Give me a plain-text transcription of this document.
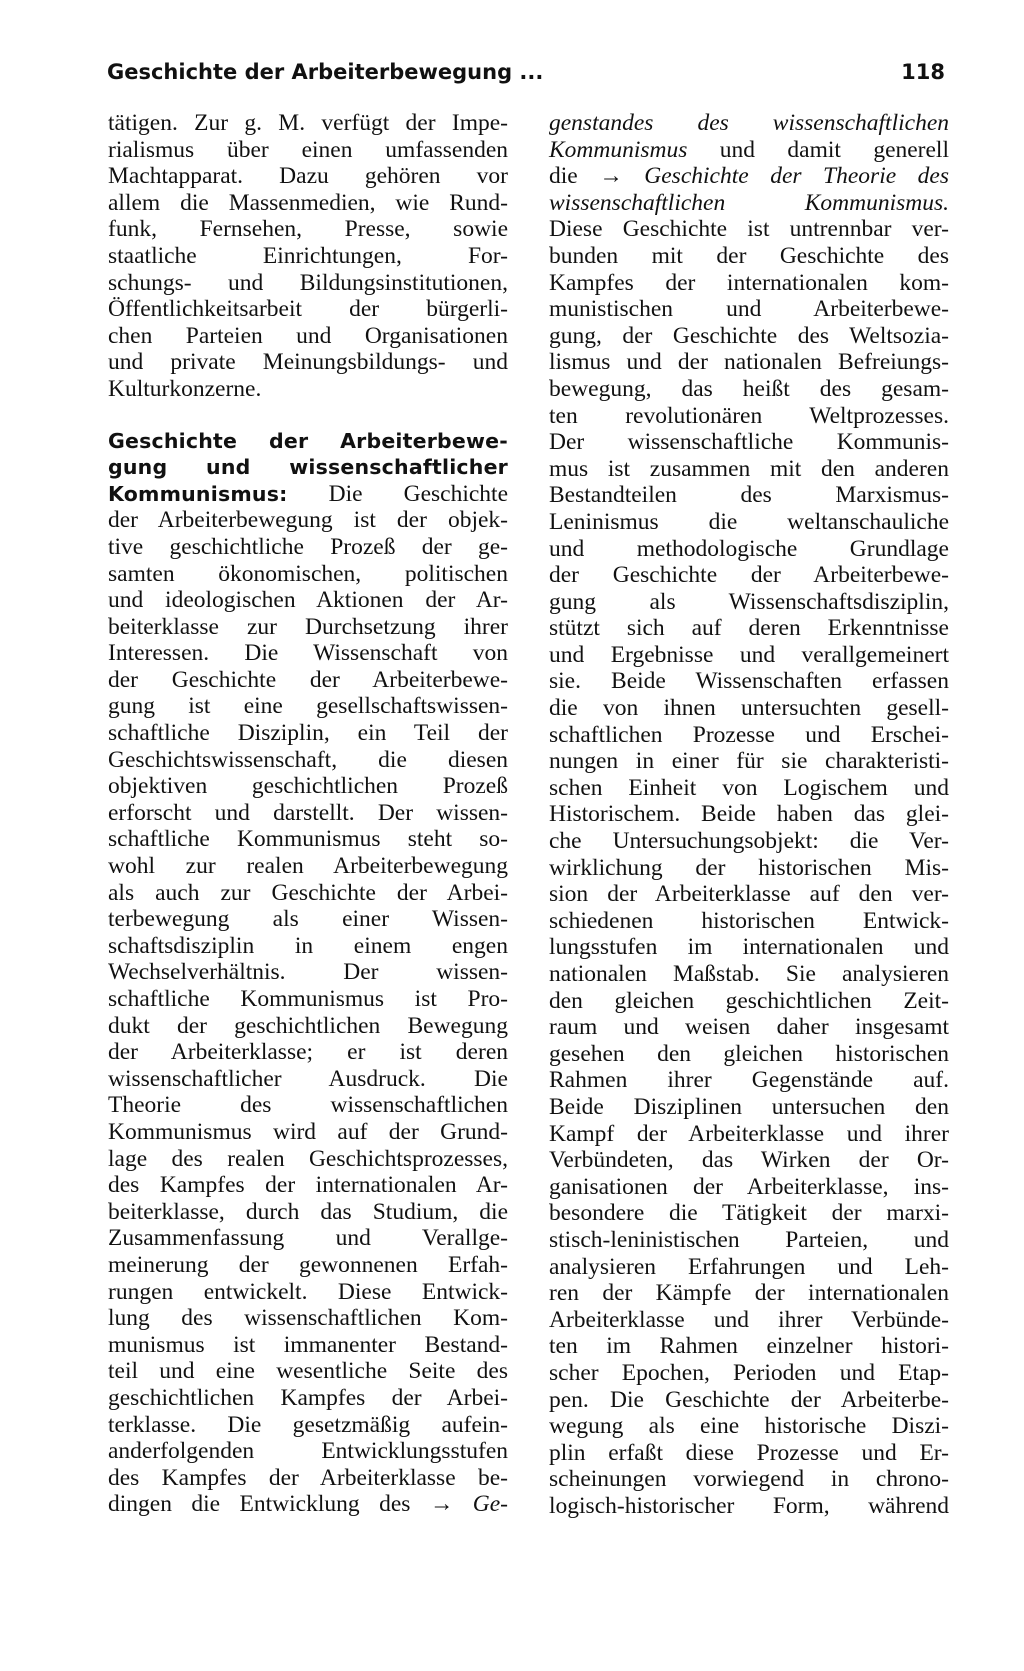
Geschichte der Arbeiterbewegung ...	118
tätigen. Zur g. M. verfügt der Impe-
rialismus über einen umfassenden
Machtapparat. Dazu gehören vor
allem die Massenmedien, wie Rund-
funk, Fernsehen, Presse, sowie
staatliche Einrichtungen, For-
schungs- und Bildungsinstitutionen,
Öffentlichkeitsarbeit der bürgerli-
chen Parteien und Organisationen
und private Meinungsbildungs- und
Kulturkonzerne.
Geschichte der Arbeiterbewe-
gung und wissenschaftlicher
Kommunismus: Die Geschichte
der Arbeiterbewegung ist der objek-
tive geschichtliche Prozeß der ge-
samten ökonomischen, politischen
und ideologischen Aktionen der Ar-
beiterklasse zur Durchsetzung ihrer
Interessen. Die Wissenschaft von
der Geschichte der Arbeiterbewe-
gung ist eine gesellschaftswissen-
schaftliche Disziplin, ein Teil der
Geschichtswissenschaft, die diesen
objektiven geschichtlichen Prozeß
erforscht und darstellt. Der wissen-
schaftliche Kommunismus steht so-
wohl zur realen Arbeiterbewegung
als auch zur Geschichte der Arbei-
terbewegung als einer Wissen-
schaftsdisziplin in einem engen
Wechselverhältnis. Der wissen-
schaftliche Kommunismus ist Pro-
dukt der geschichtlichen Bewegung
der Arbeiterklasse; er ist deren
wissenschaftlicher Ausdruck. Die
Theorie des wissenschaftlichen
Kommunismus wird auf der Grund-
lage des realen Geschichtsprozesses,
des Kampfes der internationalen Ar-
beiterklasse, durch das Studium, die
Zusammenfassung und Verallge-
meinerung der gewonnenen Erfah-
rungen entwickelt. Diese Entwick-
lung des wissenschaftlichen Kom-
munismus ist immanenter Bestand-
teil und eine wesentliche Seite des
geschichtlichen Kampfes der Arbei-
terklasse. Die gesetzmäßig aufein-
anderfolgenden Entwicklungsstufen
des Kampfes der Arbeiterklasse be-
dingen die Entwicklung des → Ge-
genstandes des wissenschaftlichen
Kommunismus und damit generell
die → Geschichte der Theorie des
wissenschaftlichen Kommunismus.
Diese Geschichte ist untrennbar ver-
bunden mit der Geschichte des
Kampfes der internationalen kom-
munistischen und Arbeiterbewe-
gung, der Geschichte des Weltsozia-
lismus und der nationalen Befreiungs-
bewegung, das heißt des gesam-
ten revolutionären Weltprozesses.
Der wissenschaftliche Kommunis-
mus ist zusammen mit den anderen
Bestandteilen des Marxismus-
Leninismus die weltanschauliche
und methodologische Grundlage
der Geschichte der Arbeiterbewe-
gung als Wissenschaftsdisziplin,
stützt sich auf deren Erkenntnisse
und Ergebnisse und verallgemeinert
sie. Beide Wissenschaften erfassen
die von ihnen untersuchten gesell-
schaftlichen Prozesse und Erschei-
nungen in einer für sie charakteristi-
schen Einheit von Logischem und
Historischem. Beide haben das glei-
che Untersuchungsobjekt: die Ver-
wirklichung der historischen Mis-
sion der Arbeiterklasse auf den ver-
schiedenen historischen Entwick-
lungsstufen im internationalen und
nationalen Maßstab. Sie analysieren
den gleichen geschichtlichen Zeit-
raum und weisen daher insgesamt
gesehen den gleichen historischen
Rahmen ihrer Gegenstände auf.
Beide Disziplinen untersuchen den
Kampf der Arbeiterklasse und ihrer
Verbündeten, das Wirken der Or-
ganisationen der Arbeiterklasse, ins-
besondere die Tätigkeit der marxi-
stisch-leninistischen Parteien, und
analysieren Erfahrungen und Leh-
ren der Kämpfe der internationalen
Arbeiterklasse und ihrer Verbünde-
ten im Rahmen einzelner histori-
scher Epochen, Perioden und Etap-
pen. Die Geschichte der Arbeiterbe-
wegung als eine historische Diszi-
plin erfaßt diese Prozesse und Er-
scheinungen vorwiegend in chrono-
logisch-historischer Form, während
